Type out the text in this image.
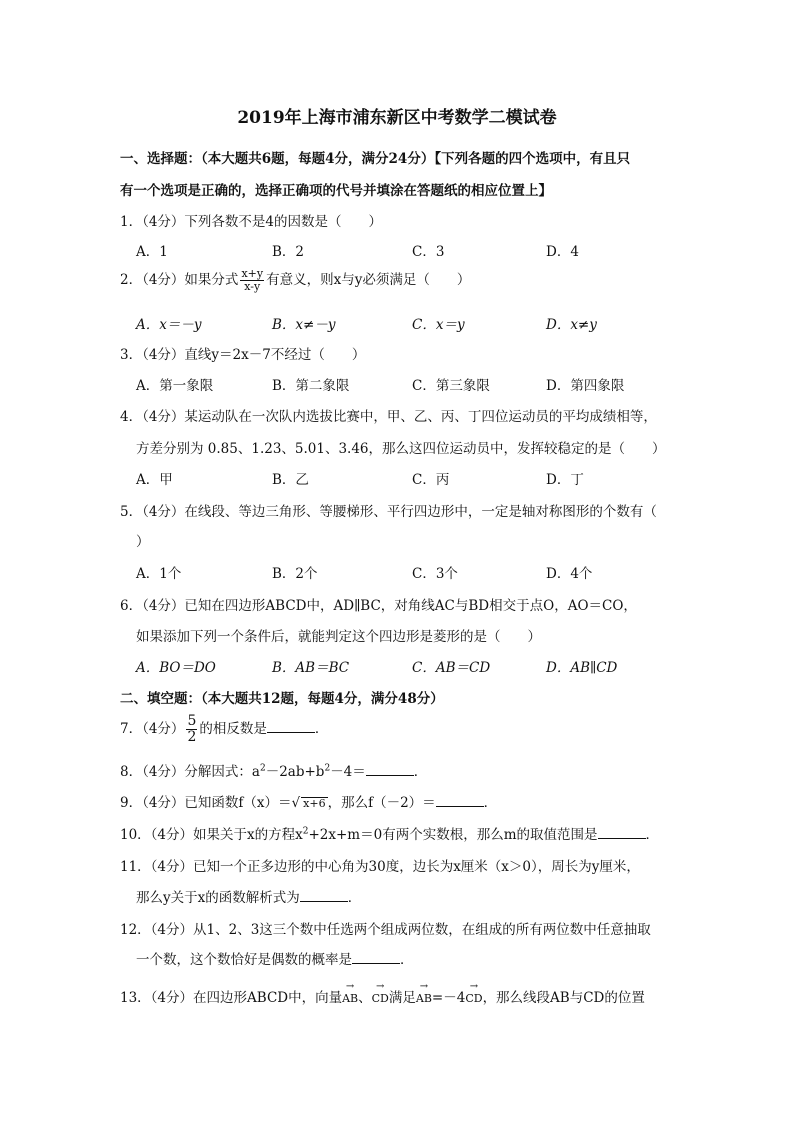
2019年上海市浦东新区中考数学二模试卷
一、选择题：（本大题共6题，每题4分，满分24分）【下列各题的四个选项中，有且只
有一个选项是正确的，选择正确项的代号并填涂在答题纸的相应位置上】
1．（4分）下列各数不是4的因数是（　　）
A．1	B．2	C．3	D．4
2．（4分）如果分式 $\frac{x+y}{x-y}$ 有意义，则x与y必须满足（　　）
A．x＝－y	B．x≠－y	C．x＝y	D．x≠y
3．（4分）直线y＝2x－7不经过（　　）
A．第一象限	B．第二象限	C．第三象限	D．第四象限
4．（4分）某运动队在一次队内选拔比赛中，甲、乙、丙、丁四位运动员的平均成绩相等，
方差分别为 0.85、1.23、5.01、3.46，那么这四位运动员中，发挥较稳定的是（　　）
A．甲	B．乙	C．丙	D．丁
5．（4分）在线段、等边三角形、等腰梯形、平行四边形中，一定是轴对称图形的个数有（
）
A．1个	B．2个	C．3个	D．4个
6．（4分）已知在四边形ABCD中，AD∥BC，对角线AC与BD相交于点O，AO＝CO，
如果添加下列一个条件后，就能判定这个四边形是菱形的是（　　）
A．BO＝DO	B．AB＝BC	C．AB＝CD	D．AB∥CD
二、填空题：（本大题共12题，每题4分，满分48分）
7．（4分） $\frac{5}{2}$ 的相反数是	．
8．（4分）分解因式：$a^2-2ab+b^2-4=$	．
9．（4分）已知函数f（x）＝√ x+6 ，那么f（－2）＝	．
10．（4分）如果关于x的方程$x^2+2x+m=0$有两个实数根，那么m的取值范围是	．
11．（4分）已知一个正多边形的中心角为30度，边长为x厘米（x＞0），周长为y厘米，
那么y关于x的函数解析式为	．
12．（4分）从1、2、3这三个数中任选两个组成两位数，在组成的所有两位数中任意抽取
一个数，这个数恰好是偶数的概率是	．
13．（4分）在四边形ABCD中，向量→ AB、→ CD满足→ AB=－4→ CD，那么线段AB与CD的位置
